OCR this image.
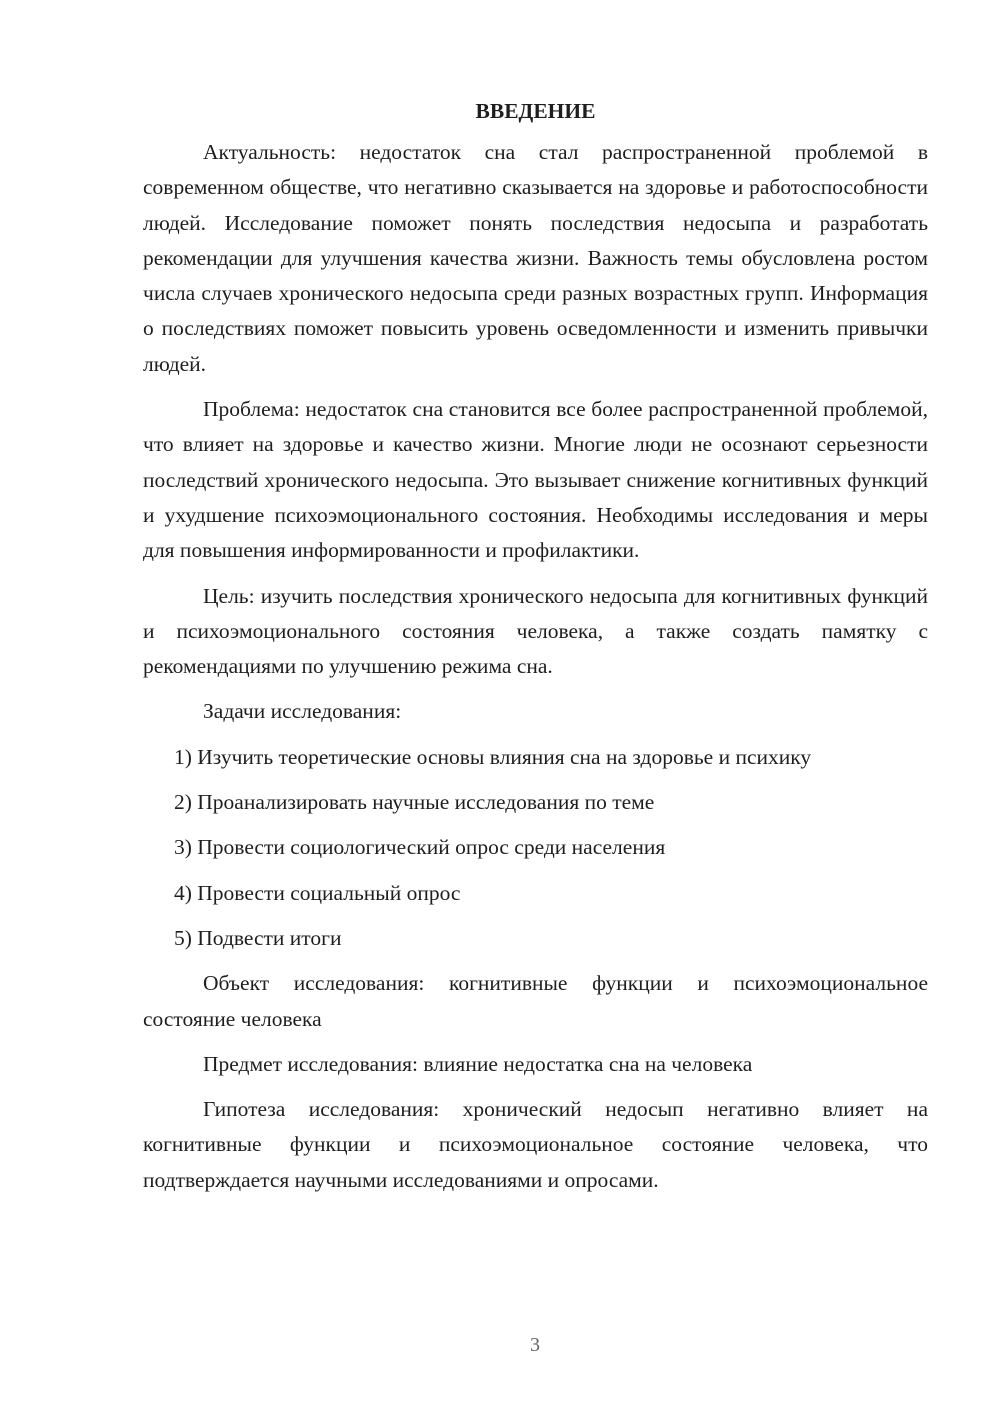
ВВЕДЕНИЕ

Актуальность: недостаток сна стал распространенной проблемой в современном обществе, что негативно сказывается на здоровье и работоспособности людей. Исследование поможет понять последствия недосыпа и разработать рекомендации для улучшения качества жизни. Важность темы обусловлена ростом числа случаев хронического недосыпа среди разных возрастных групп. Информация о последствиях поможет повысить уровень осведомленности и изменить привычки людей.

Проблема: недостаток сна становится все более распространенной проблемой, что влияет на здоровье и качество жизни. Многие люди не осознают серьезности последствий хронического недосыпа. Это вызывает снижение когнитивных функций и ухудшение психоэмоционального состояния. Необходимы исследования и меры для повышения информированности и профилактики.

Цель: изучить последствия хронического недосыпа для когнитивных функций и психоэмоционального состояния человека, а также создать памятку с рекомендациями по улучшению режима сна.

Задачи исследования:
1) Изучить теоретические основы влияния сна на здоровье и психику
2) Проанализировать научные исследования по теме
3) Провести социологический опрос среди населения
4) Провести социальный опрос
5) Подвести итоги

Объект исследования: когнитивные функции и психоэмоциональное состояние человека

Предмет исследования: влияние недостатка сна на человека

Гипотеза исследования: хронический недосып негативно влияет на когнитивные функции и психоэмоциональное состояние человека, что подтверждается научными исследованиями и опросами.

3
